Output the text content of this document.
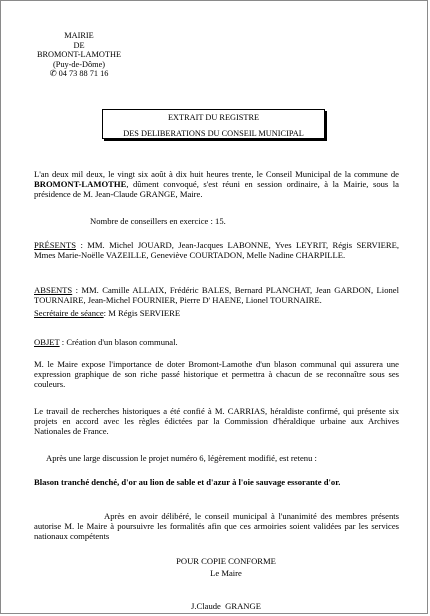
MAIRIE
DE
BROMONT-LAMOTHE
(Puy-de-Dôme)
✆ 04 73 88 71 16
EXTRAIT DU REGISTRE
DES DELIBERATIONS DU CONSEIL MUNICIPAL
L'an deux mil deux, le vingt six août à dix huit heures trente, le Conseil Municipal de la commune de BROMONT-LAMOTHE, dûment convoqué, s'est réuni en session ordinaire, à la Mairie, sous la présidence de M. Jean-Claude GRANGE, Maire.
Nombre de conseillers en exercice : 15.
PRÉSENTS : MM. Michel JOUARD, Jean-Jacques LABONNE, Yves LEYRIT, Régis SERVIERE, Mmes Marie-Noëlle VAZEILLE, Geneviève COURTADON, Melle Nadine CHARPILLE.
ABSENTS : MM. Camille ALLAIX, Frédéric BALES, Bernard PLANCHAT, Jean GARDON, Lionel TOURNAIRE, Jean-Michel FOURNIER, Pierre D' HAENE, Lionel TOURNAIRE.
Secrétaire de séance: M Régis SERVIERE
OBJET : Création d'un blason communal.
M. le Maire expose l'importance de doter Bromont-Lamothe d'un blason communal qui assurera une expression graphique de son riche passé historique et permettra à chacun de se reconnaître sous ses couleurs.
Le travail de recherches historiques a été confié à M. CARRIAS, héraldiste confirmé, qui présente six projets en accord avec les règles édictées par la Commission d'héraldique urbaine aux Archives Nationales de France.
Après une large discussion le projet numéro 6, légèrement modifié, est retenu :
Blason tranché denché, d'or au lion de sable et d'azur à l'oie sauvage essorante d'or.
Après en avoir délibéré, le conseil municipal à l'unanimité des membres présents autorise M. le Maire à poursuivre les formalités afin que ces armoiries soient validées par les services nationaux compétents
POUR COPIE CONFORME
Le Maire
J.Claude  GRANGE
